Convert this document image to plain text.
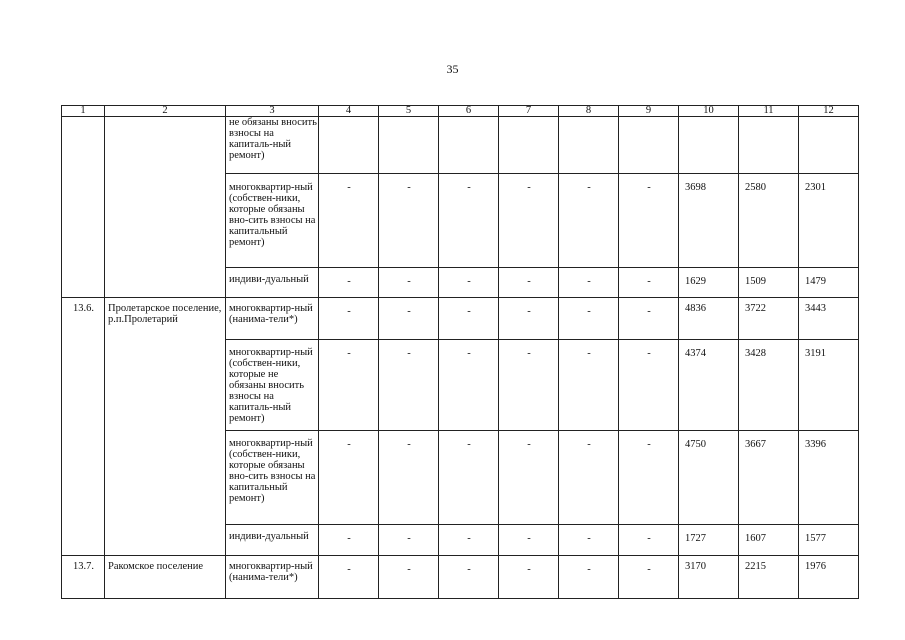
35
1	2	3	4	5	6	7	8	9	10	11	12
		не обязаны вносить взносы на капиталь-ный ремонт)									
		многоквартир-ный (собствен-ники, которые обязаны вно-сить взносы на капитальный ремонт)	-	-	-	-	-	-	3698	2580	2301
		индиви-дуальный	-	-	-	-	-	-	1629	1509	1479
13.6.	Пролетарское поселение, р.п.Пролетарий	многоквартир-ный (нанима-тели*)	-	-	-	-	-	-	4836	3722	3443
		многоквартир-ный (собствен-ники, которые не обязаны вносить взносы на капиталь-ный ремонт)	-	-	-	-	-	-	4374	3428	3191
		многоквартир-ный (собствен-ники, которые обязаны вно-сить взносы на капитальный ремонт)	-	-	-	-	-	-	4750	3667	3396
		индиви-дуальный	-	-	-	-	-	-	1727	1607	1577
13.7.	Ракомское поселение	многоквартир-ный (нанима-тели*)	-	-	-	-	-	-	3170	2215	1976
